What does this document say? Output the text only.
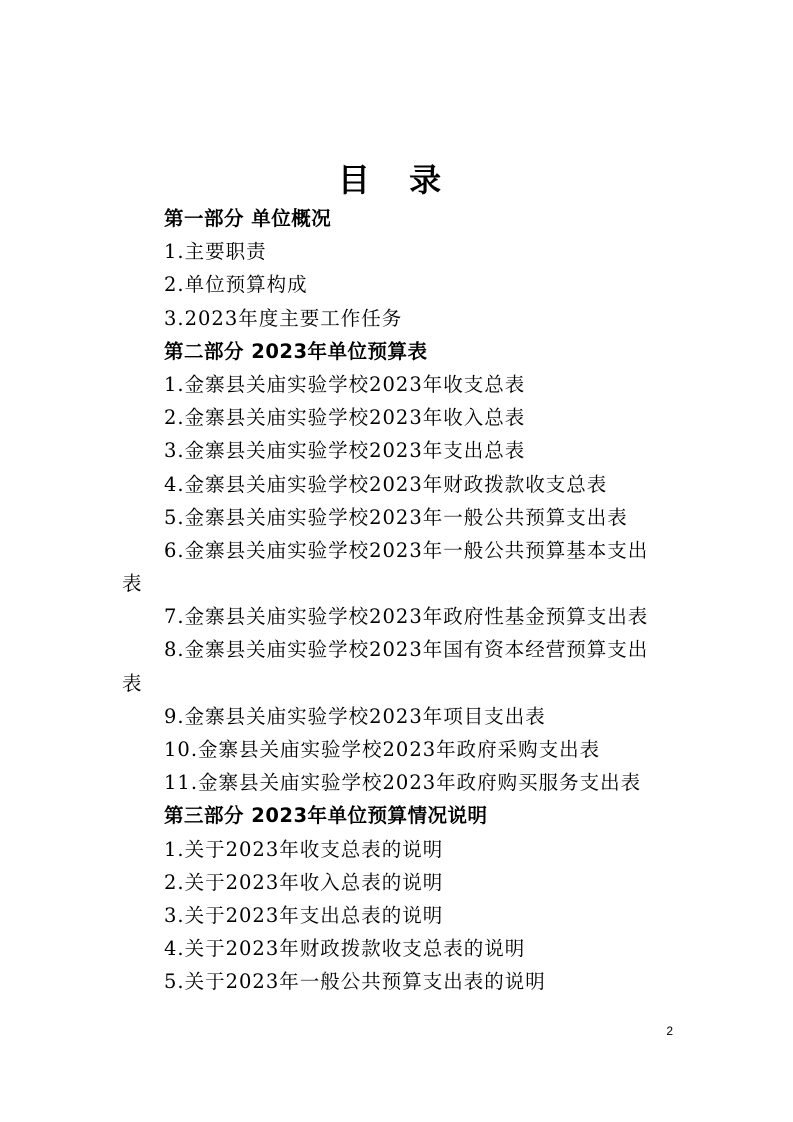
目 录
第一部分 单位概况
1.主要职责
2.单位预算构成
3.2023年度主要工作任务
第二部分 2023年单位预算表
1.金寨县关庙实验学校2023年收支总表
2.金寨县关庙实验学校2023年收入总表
3.金寨县关庙实验学校2023年支出总表
4.金寨县关庙实验学校2023年财政拨款收支总表
5.金寨县关庙实验学校2023年一般公共预算支出表
6.金寨县关庙实验学校2023年一般公共预算基本支出
表
7.金寨县关庙实验学校2023年政府性基金预算支出表
8.金寨县关庙实验学校2023年国有资本经营预算支出
表
9.金寨县关庙实验学校2023年项目支出表
10.金寨县关庙实验学校2023年政府采购支出表
11.金寨县关庙实验学校2023年政府购买服务支出表
第三部分 2023年单位预算情况说明
1.关于2023年收支总表的说明
2.关于2023年收入总表的说明
3.关于2023年支出总表的说明
4.关于2023年财政拨款收支总表的说明
5.关于2023年一般公共预算支出表的说明
2
